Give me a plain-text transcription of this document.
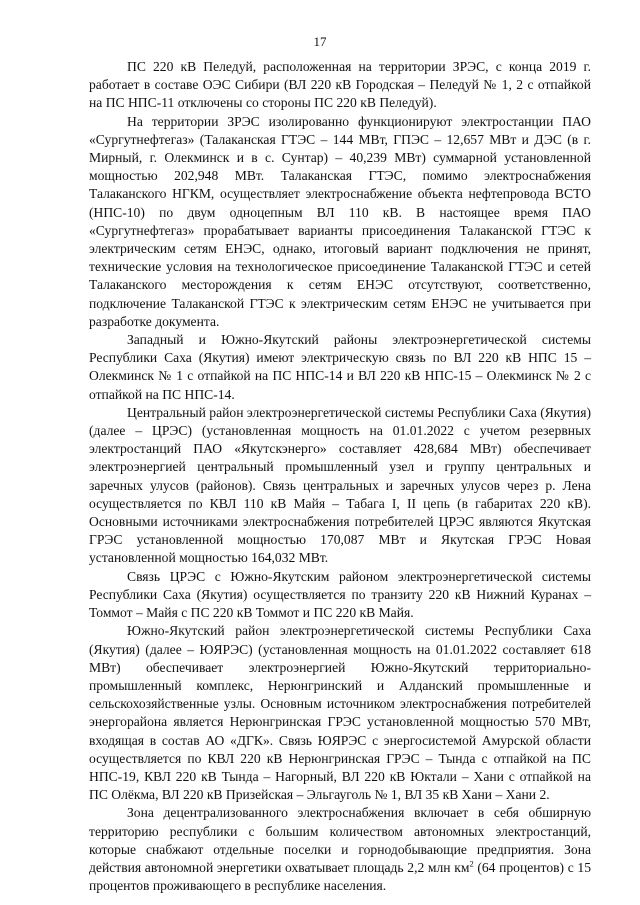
17

ПС 220 кВ Пеледуй, расположенная на территории ЗРЭС, с конца 2019 г. работает в составе ОЭС Сибири (ВЛ 220 кВ Городская – Пеледуй № 1, 2 с отпайкой на ПС НПС-11 отключены со стороны ПС 220 кВ Пеледуй).

На территории ЗРЭС изолированно функционируют электростанции ПАО «Сургутнефтегаз» (Талаканская ГТЭС – 144 МВт, ГПЭС – 12,657 МВт и ДЭС (в г. Мирный, г. Олекминск и в с. Сунтар) – 40,239 МВт) суммарной установленной мощностью 202,948 МВт. Талаканская ГТЭС, помимо электроснабжения Талаканского НГКМ, осуществляет электроснабжение объекта нефтепровода ВСТО (НПС-10) по двум одноцепным ВЛ 110 кВ. В настоящее время ПАО «Сургутнефтегаз» прорабатывает варианты присоединения Талаканской ГТЭС к электрическим сетям ЕНЭС, однако, итоговый вариант подключения не принят, технические условия на технологическое присоединение Талаканской ГТЭС и сетей Талаканского месторождения к сетям ЕНЭС отсутствуют, соответственно, подключение Талаканской ГТЭС к электрическим сетям ЕНЭС не учитывается при разработке документа.

Западный и Южно-Якутский районы электроэнергетической системы Республики Саха (Якутия) имеют электрическую связь по ВЛ 220 кВ НПС 15 – Олекминск № 1 с отпайкой на ПС НПС-14 и ВЛ 220 кВ НПС-15 – Олекминск № 2 с отпайкой на ПС НПС-14.

Центральный район электроэнергетической системы Республики Саха (Якутия) (далее – ЦРЭС) (установленная мощность на 01.01.2022 с учетом резервных электростанций ПАО «Якутскэнерго» составляет 428,684 МВт) обеспечивает электроэнергией центральный промышленный узел и группу центральных и заречных улусов (районов). Связь центральных и заречных улусов через р. Лена осуществляется по КВЛ 110 кВ Майя – Табага I, II цепь (в габаритах 220 кВ). Основными источниками электроснабжения потребителей ЦРЭС являются Якутская ГРЭС установленной мощностью 170,087 МВт и Якутская ГРЭС Новая установленной мощностью 164,032 МВт.

Связь ЦРЭС с Южно-Якутским районом электроэнергетической системы Республики Саха (Якутия) осуществляется по транзиту 220 кВ Нижний Куранах – Томмот – Майя с ПС 220 кВ Томмот и ПС 220 кВ Майя.

Южно-Якутский район электроэнергетической системы Республики Саха (Якутия) (далее – ЮЯРЭС) (установленная мощность на 01.01.2022 составляет 618 МВт) обеспечивает электроэнергией Южно-Якутский территориально-промышленный комплекс, Нерюнгринский и Алданский промышленные и сельскохозяйственные узлы. Основным источником электроснабжения потребителей энергорайона является Нерюнгринская ГРЭС установленной мощностью 570 МВт, входящая в состав АО «ДГК». Связь ЮЯРЭС с энергосистемой Амурской области осуществляется по КВЛ 220 кВ Нерюнгринская ГРЭС – Тында с отпайкой на ПС НПС-19, КВЛ 220 кВ Тында – Нагорный, ВЛ 220 кВ Юктали – Хани с отпайкой на ПС Олёкма, ВЛ 220 кВ Призейская – Эльгауголь № 1, ВЛ 35 кВ Хани – Хани 2.

Зона децентрализованного электроснабжения включает в себя обширную территорию республики с большим количеством автономных электростанций, которые снабжают отдельные поселки и горнодобывающие предприятия. Зона действия автономной энергетики охватывает площадь 2,2 млн $км^2$ (64 процентов) с 15 процентов проживающего в республике населения.
